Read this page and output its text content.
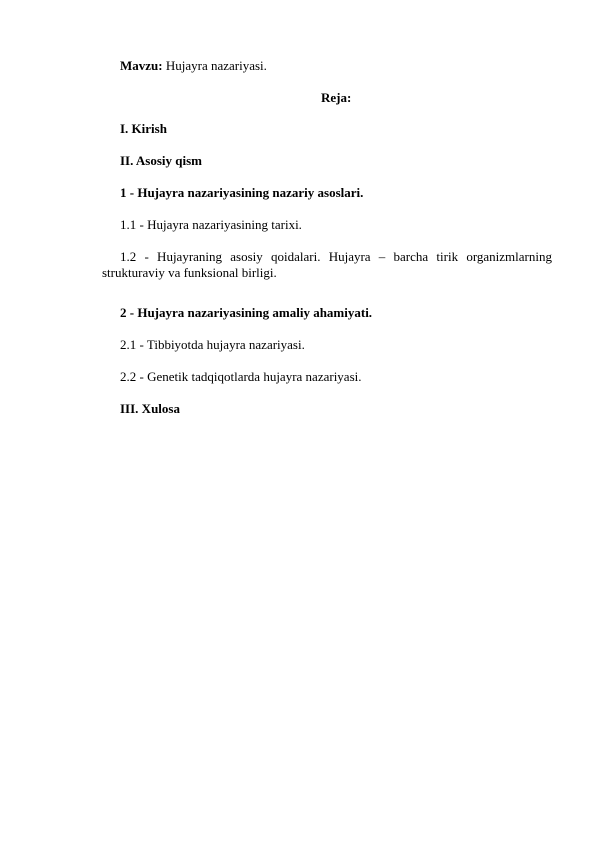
Mavzu: Hujayra nazariyasi.
Reja:
I. Kirish
II. Asosiy qism
1 - Hujayra nazariyasining nazariy asoslari.
1.1 - Hujayra nazariyasining tarixi.
1.2 - Hujayraning asosiy qoidalari. Hujayra – barcha tirik organizmlarning strukturaviy va funksional birligi.
2 - Hujayra nazariyasining amaliy ahamiyati.
2.1 - Tibbiyotda hujayra nazariyasi.
2.2 - Genetik tadqiqotlarda hujayra nazariyasi.
III. Xulosa
